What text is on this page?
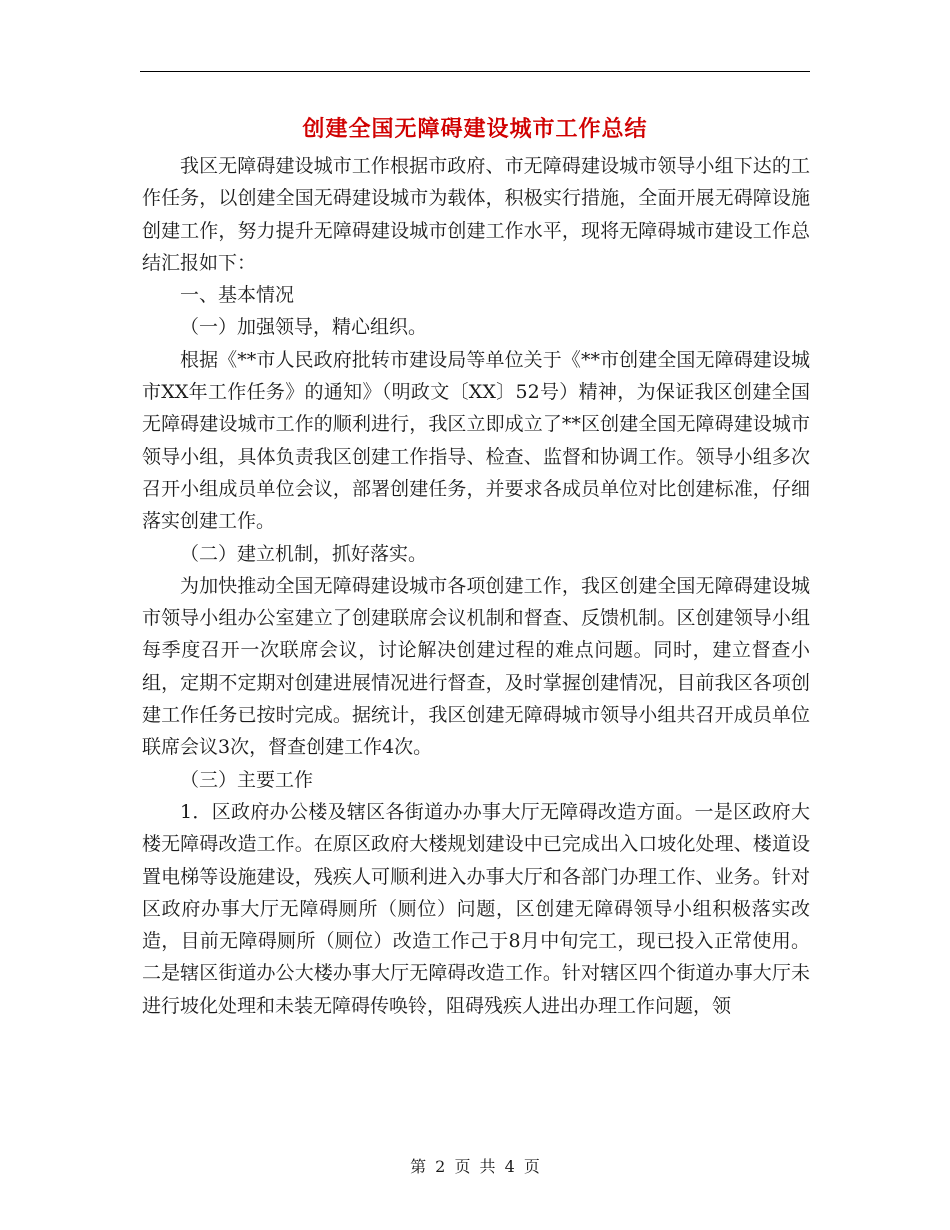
创建全国无障碍建设城市工作总结

我区无障碍建设城市工作根据市政府、市无障碍建设城市领导小组下达的工作任务，以创建全国无碍建设城市为载体，积极实行措施，全面开展无碍障设施创建工作，努力提升无障碍建设城市创建工作水平，现将无障碍城市建设工作总结汇报如下：

一、基本情况

（一）加强领导，精心组织。

根据《**市人民政府批转市建设局等单位关于《**市创建全国无障碍建设城市XX年工作任务》的通知》（明政文〔XX〕52号）精神，为保证我区创建全国无障碍建设城市工作的顺利进行，我区立即成立了**区创建全国无障碍建设城市领导小组，具体负责我区创建工作指导、检查、监督和协调工作。领导小组多次召开小组成员单位会议，部署创建任务，并要求各成员单位对比创建标准，仔细落实创建工作。

（二）建立机制，抓好落实。

为加快推动全国无障碍建设城市各项创建工作，我区创建全国无障碍建设城市领导小组办公室建立了创建联席会议机制和督查、反馈机制。区创建领导小组每季度召开一次联席会议，讨论解决创建过程的难点问题。同时，建立督查小组，定期不定期对创建进展情况进行督查，及时掌握创建情况，目前我区各项创建工作任务已按时完成。据统计，我区创建无障碍城市领导小组共召开成员单位联席会议3次，督查创建工作4次。

（三）主要工作

1．区政府办公楼及辖区各街道办办事大厅无障碍改造方面。一是区政府大楼无障碍改造工作。在原区政府大楼规划建设中已完成出入口坡化处理、楼道设置电梯等设施建设，残疾人可顺利进入办事大厅和各部门办理工作、业务。针对区政府办事大厅无障碍厕所（厕位）问题，区创建无障碍领导小组积极落实改造，目前无障碍厕所（厕位）改造工作己于8月中旬完工，现已投入正常使用。二是辖区街道办公大楼办事大厅无障碍改造工作。针对辖区四个街道办事大厅未进行坡化处理和未装无障碍传唤铃，阻碍残疾人进出办理工作问题，领

第 2 页 共 4 页
